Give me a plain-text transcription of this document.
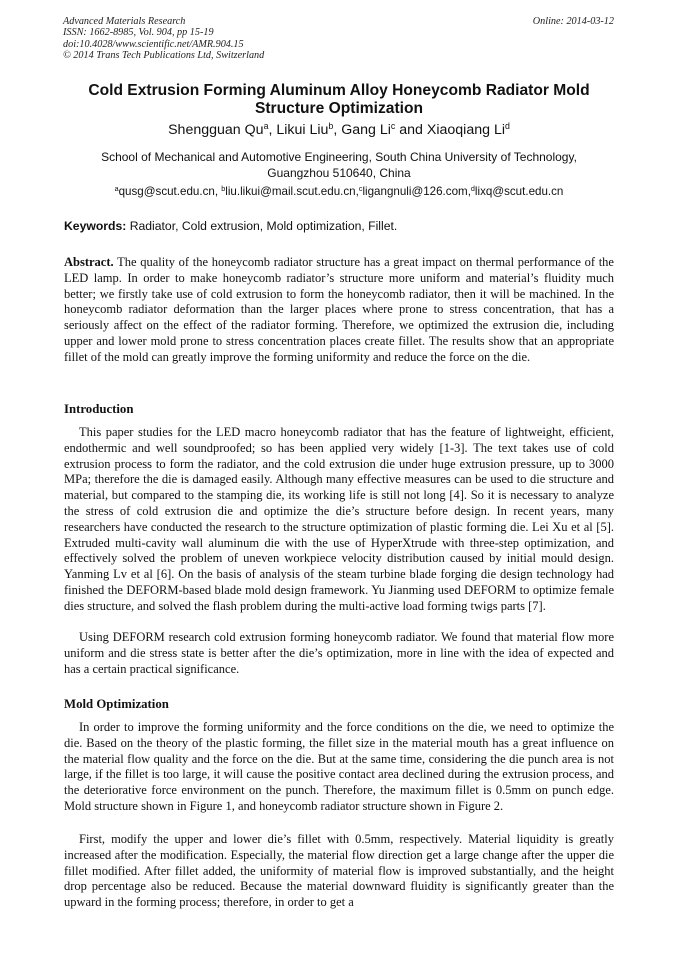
Advanced Materials Research
ISSN: 1662-8985, Vol. 904, pp 15-19
doi:10.4028/www.scientific.net/AMR.904.15
© 2014 Trans Tech Publications Ltd, Switzerland
Online: 2014-03-12
Cold Extrusion Forming Aluminum Alloy Honeycomb Radiator Mold Structure Optimization
Shengguan Qu$^a$, Likui Liu$^b$, Gang Li$^c$ and Xiaoqiang Li$^d$
School of Mechanical and Automotive Engineering, South China University of Technology,
Guangzhou 510640, China
$^a$qusg@scut.edu.cn, $^b$liu.likui@mail.scut.edu.cn,$^c$ligangnuli@126.com,$^d$lixq@scut.edu.cn
Keywords: Radiator, Cold extrusion, Mold optimization, Fillet.

Abstract. The quality of the honeycomb radiator structure has a great impact on thermal performance of the LED lamp. In order to make honeycomb radiator’s structure more uniform and material’s fluidity much better; we firstly take use of cold extrusion to form the honeycomb radiator, then it will be machined. In the honeycomb radiator deformation than the larger places where prone to stress concentration, that has a seriously affect on the effect of the radiator forming. Therefore, we optimized the extrusion die, including upper and lower mold prone to stress concentration places create fillet. The results show that an appropriate fillet of the mold can greatly improve the forming uniformity and reduce the force on the die.

Introduction

This paper studies for the LED macro honeycomb radiator that has the feature of lightweight, efficient, endothermic and well soundproofed; so has been applied very widely [1-3]. The text takes use of cold extrusion process to form the radiator, and the cold extrusion die under huge extrusion pressure, up to 3000 MPa; therefore the die is damaged easily. Although many effective measures can be used to die structure and material, but compared to the stamping die, its working life is still not long [4]. So it is necessary to analyze the stress of cold extrusion die and optimize the die’s structure before design. In recent years, many researchers have conducted the research to the structure optimization of plastic forming die. Lei Xu et al [5]. Extruded multi-cavity wall aluminum die with the use of HyperXtrude with three-step optimization, and effectively solved the problem of uneven workpiece velocity distribution caused by initial mould design. Yanming Lv et al [6]. On the basis of analysis of the steam turbine blade forging die design technology had finished the DEFORM-based blade mold design framework. Yu Jianming used DEFORM to optimize female dies structure, and solved the flash problem during the multi-active load forming twigs parts [7].

Using DEFORM research cold extrusion forming honeycomb radiator. We found that material flow more uniform and die stress state is better after the die’s optimization, more in line with the idea of expected and has a certain practical significance.

Mold Optimization

In order to improve the forming uniformity and the force conditions on the die, we need to optimize the die. Based on the theory of the plastic forming, the fillet size in the material mouth has a great influence on the material flow quality and the force on the die. But at the same time, considering the die punch area is not large, if the fillet is too large, it will cause the positive contact area declined during the extrusion process, and the deteriorative force environment on the punch. Therefore, the maximum fillet is 0.5mm on punch edge. Mold structure shown in Figure 1, and honeycomb radiator structure shown in Figure 2.

First, modify the upper and lower die’s fillet with 0.5mm, respectively. Material liquidity is greatly increased after the modification. Especially, the material flow direction get a large change after the upper die fillet modified. After fillet added, the uniformity of material flow is improved substantially, and the height drop percentage also be reduced. Because the material downward fluidity is significantly greater than the upward in the forming process; therefore, in order to get a
